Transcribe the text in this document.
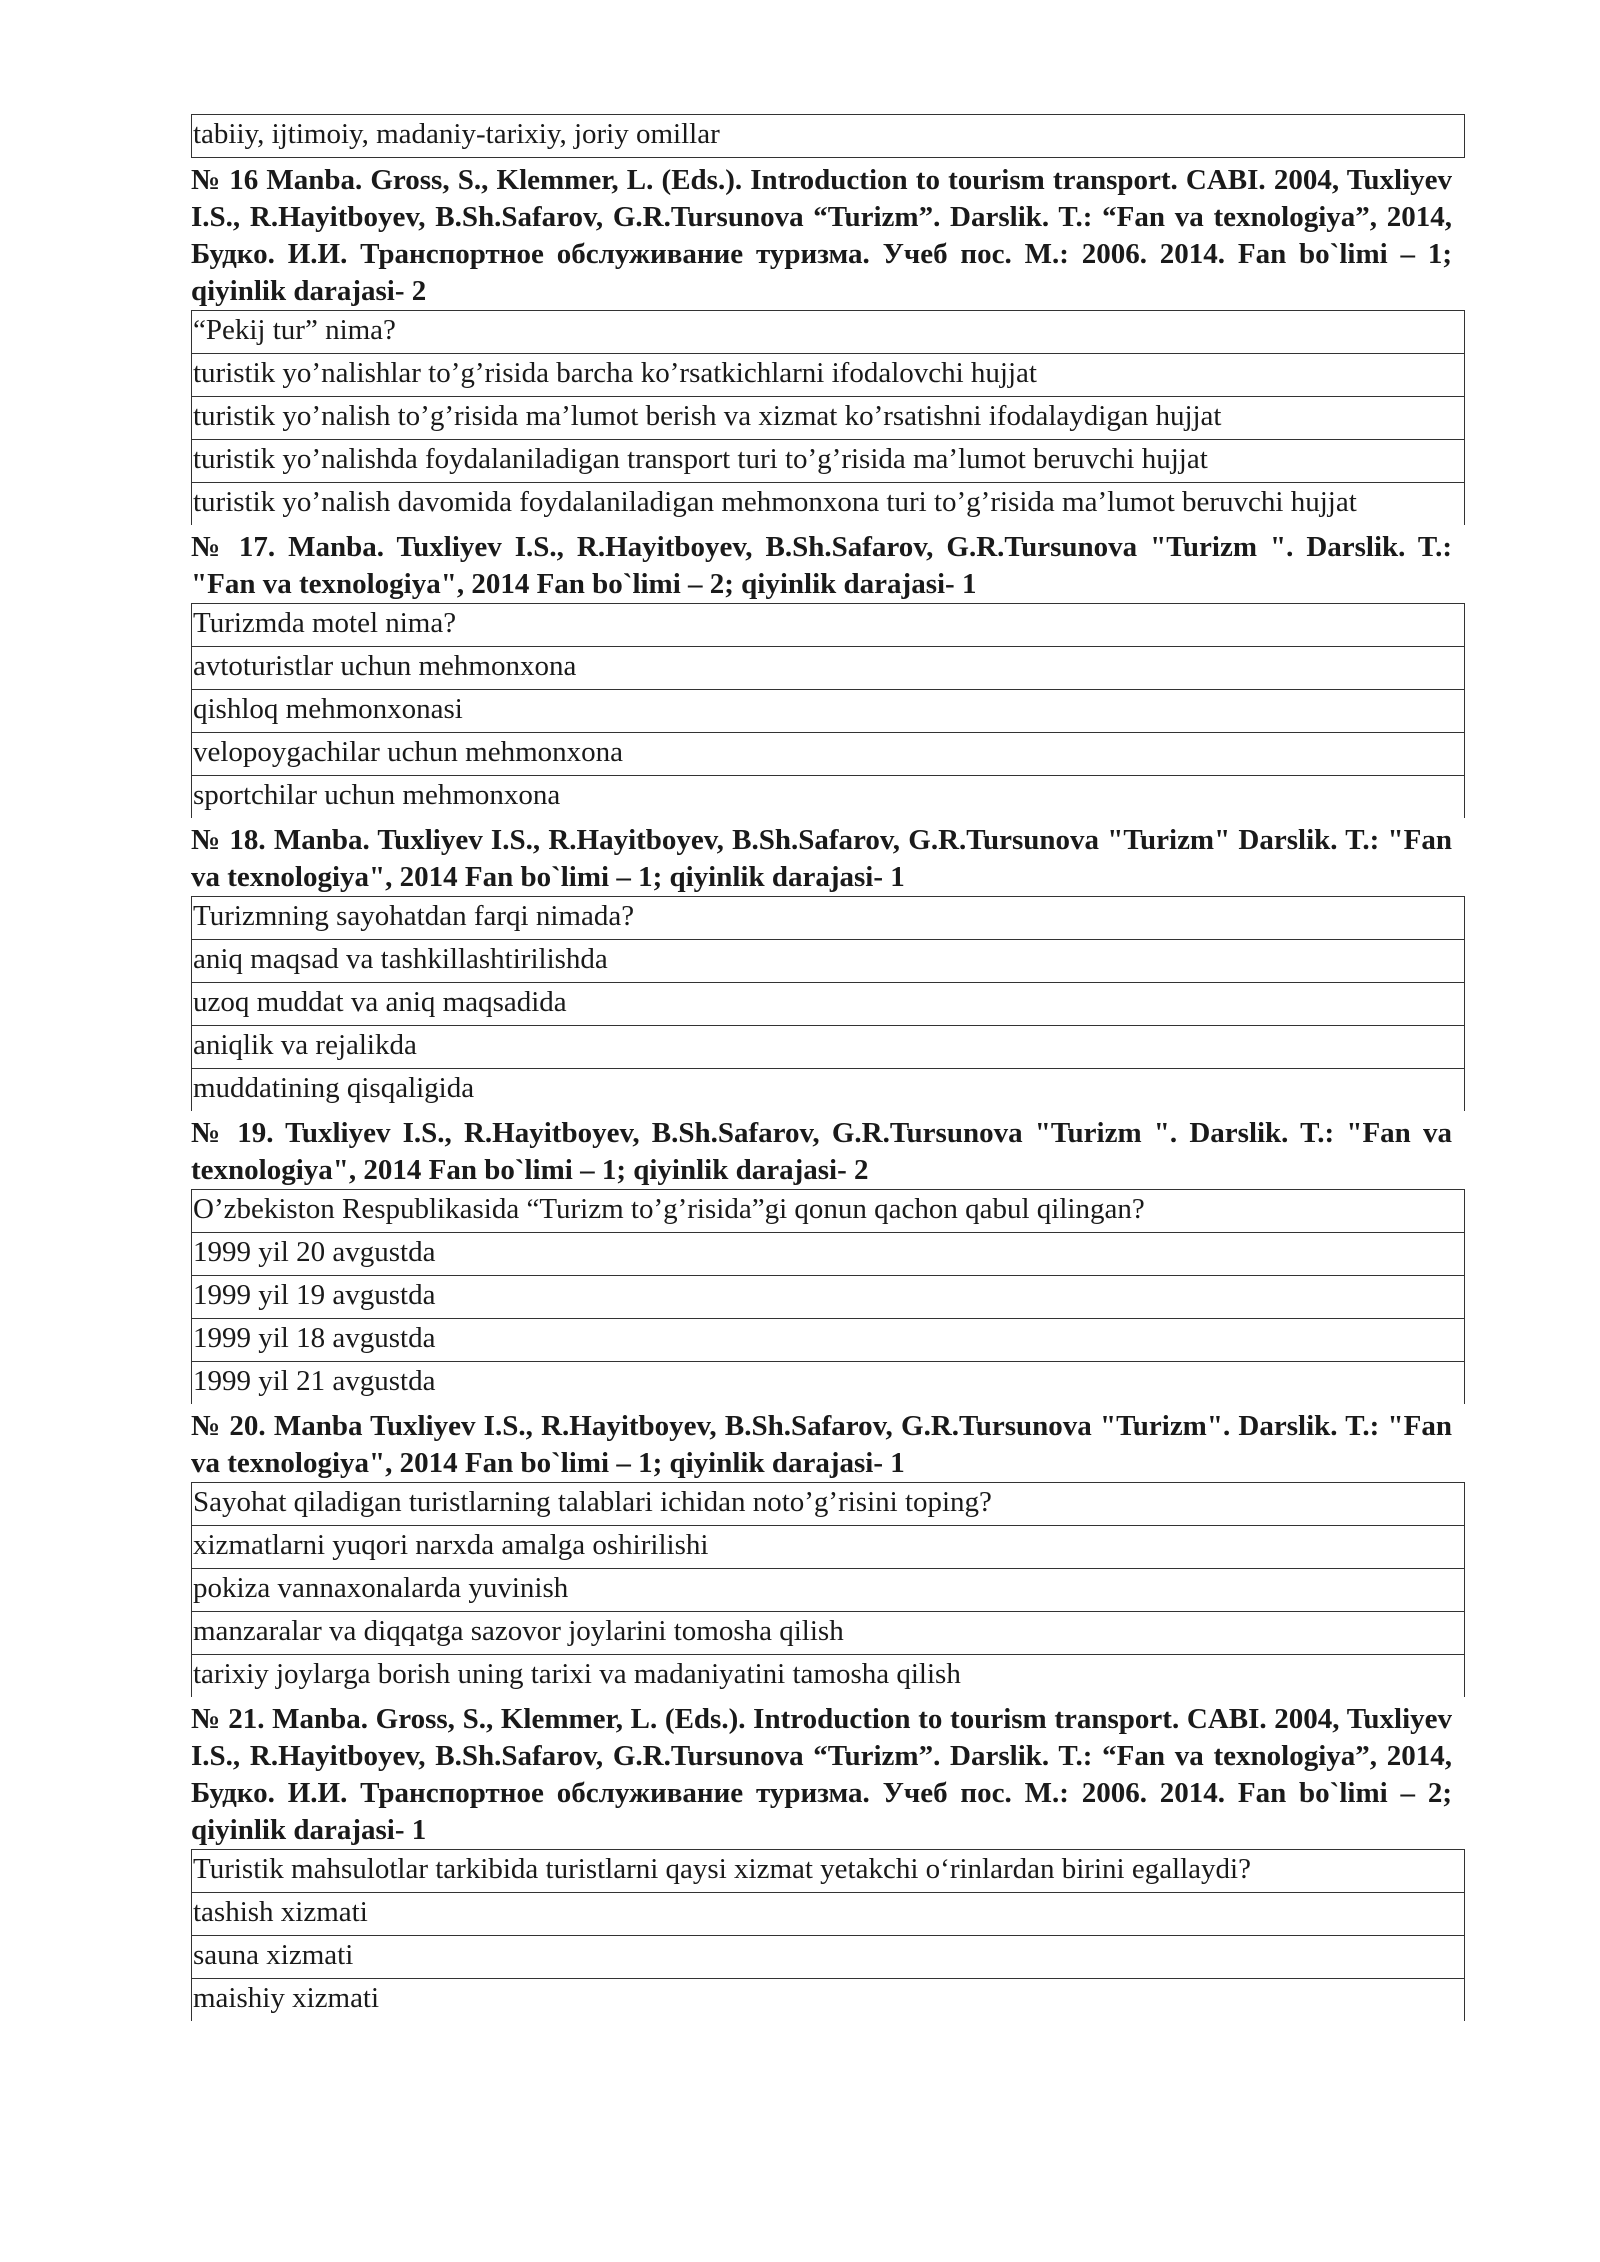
tabiiy, ijtimoiy, madaniy-tarixiy, joriy omillar

№ 16 Manba. Gross, S., Klemmer, L. (Eds.). Introduction to tourism transport. CABI. 2004, Tuxliyev I.S., R.Hayitboyev, B.Sh.Safarov, G.R.Tursunova “Turizm”. Darslik. T.: “Fan va texnologiya”, 2014, Будко. И.И. Транспортное обслуживание туризма. Учеб пос. М.: 2006. 2014. Fan bo`limi – 1; qiyinlik darajasi- 2

“Pekij tur” nima?
turistik yo’nalishlar to’g’risida barcha ko’rsatkichlarni ifodalovchi hujjat
turistik yo’nalish to’g’risida ma’lumot berish va xizmat ko’rsatishni ifodalaydigan hujjat
turistik yo’nalishda foydalaniladigan transport turi to’g’risida ma’lumot beruvchi hujjat
turistik yo’nalish davomida foydalaniladigan mehmonxona turi to’g’risida ma’lumot beruvchi hujjat

№ 17. Manba. Tuxliyev I.S., R.Hayitboyev, B.Sh.Safarov, G.R.Tursunova "Turizm ". Darslik. T.: "Fan va texnologiya", 2014 Fan bo`limi – 2; qiyinlik darajasi- 1

Turizmda motel nima?
avtoturistlar uchun mehmonxona
qishloq mehmonxonasi
velopoygachilar uchun mehmonxona
sportchilar uchun mehmonxona

№ 18. Manba. Tuxliyev I.S., R.Hayitboyev, B.Sh.Safarov, G.R.Tursunova "Turizm" Darslik. T.: "Fan va texnologiya", 2014 Fan bo`limi – 1; qiyinlik darajasi- 1

Turizmning sayohatdan farqi nimada?
aniq maqsad va tashkillashtirilishda
uzoq muddat va aniq maqsadida
aniqlik va rejalikda
muddatining qisqaligida

№ 19. Tuxliyev I.S., R.Hayitboyev, B.Sh.Safarov, G.R.Tursunova "Turizm ". Darslik. T.: "Fan va texnologiya", 2014 Fan bo`limi – 1; qiyinlik darajasi- 2

O’zbekiston Respublikasida “Turizm to’g’risida”gi qonun qachon qabul qilingan?
1999 yil 20 avgustda
1999 yil 19 avgustda
1999 yil 18 avgustda
1999 yil 21 avgustda

№ 20. Manba Tuxliyev I.S., R.Hayitboyev, B.Sh.Safarov, G.R.Tursunova "Turizm". Darslik. T.: "Fan va texnologiya", 2014 Fan bo`limi – 1; qiyinlik darajasi- 1

Sayohat qiladigan turistlarning talablari ichidan noto’g’risini toping?
xizmatlarni yuqori narxda amalga oshirilishi
pokiza vannaxonalarda yuvinish
manzaralar va diqqatga sazovor joylarini tomosha qilish
tarixiy joylarga borish uning tarixi va madaniyatini tamosha qilish

№ 21. Manba. Gross, S., Klemmer, L. (Eds.). Introduction to tourism transport. CABI. 2004, Tuxliyev I.S., R.Hayitboyev, B.Sh.Safarov, G.R.Tursunova “Turizm”. Darslik. T.: “Fan va texnologiya”, 2014, Будко. И.И. Транспортное обслуживание туризма. Учеб пос. М.: 2006. 2014. Fan bo`limi – 2; qiyinlik darajasi- 1

Turistik mahsulotlar tarkibida turistlarni qaysi xizmat yetakchi o‘rinlardan birini egallaydi?
tashish xizmati
sauna xizmati
maishiy xizmati
